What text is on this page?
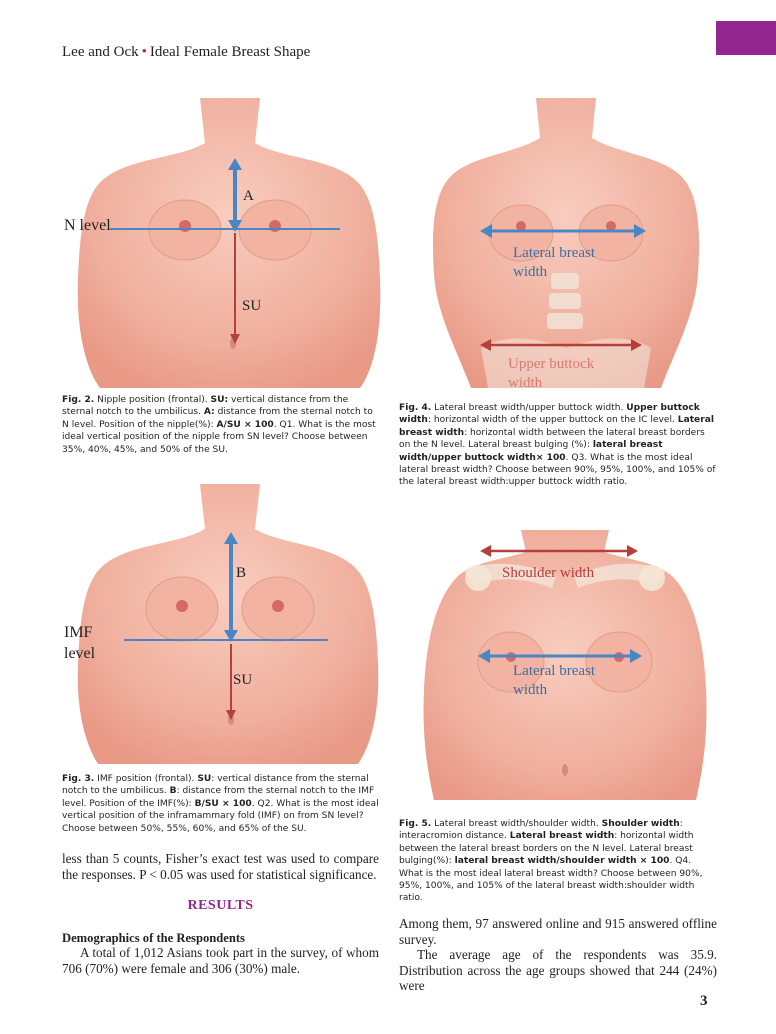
Lee and Ock • Ideal Female Breast Shape
N level
A
SU
Fig. 2. Nipple position (frontal). SU: vertical distance from the sternal notch to the umbilicus. A: distance from the sternal notch to N level. Position of the nipple(%): A/SU × 100. Q1. What is the most ideal vertical position of the nipple from SN level? Choose between 35%, 40%, 45%, and 50% of the SU.
Lateral breast
width
Upper buttock
width
Fig. 4. Lateral breast width/upper buttock width. Upper buttock width: horizontal width of the upper buttock on the IC level. Lateral breast width: horizontal width between the lateral breast borders on the N level. Lateral breast bulging (%): lateral breast width/upper buttock width× 100. Q3. What is the most ideal lateral breast width? Choose between 90%, 95%, 100%, and 105% of the lateral breast width:upper buttock width ratio.
IMF
level
B
SU
Fig. 3. IMF position (frontal). SU: vertical distance from the sternal notch to the umbilicus. B: distance from the sternal notch to the IMF level. Position of the IMF(%): B/SU × 100. Q2. What is the most ideal vertical position of the inframammary fold (IMF) on from SN level? Choose between 50%, 55%, 60%, and 65% of the SU.
Shoulder width
Lateral breast
width
Fig. 5. Lateral breast width/shoulder width. Shoulder width: interacromion distance. Lateral breast width: horizontal width between the lateral breast borders on the N level. Lateral breast bulging(%): lateral breast width/shoulder width × 100. Q4. What is the most ideal lateral breast width? Choose between 90%, 95%, 100%, and 105% of the lateral breast width:shoulder width ratio.

less than 5 counts, Fisher’s exact test was used to compare the responses. P < 0.05 was used for statistical significance.

RESULTS
Demographics of the Respondents

A total of 1,012 Asians took part in the survey, of whom 706 (70%) were female and 306 (30%) male.

Among them, 97 answered online and 915 answered offline survey.

The average age of the respondents was 35.9. Distribution across the age groups showed that 244 (24%) were

3
